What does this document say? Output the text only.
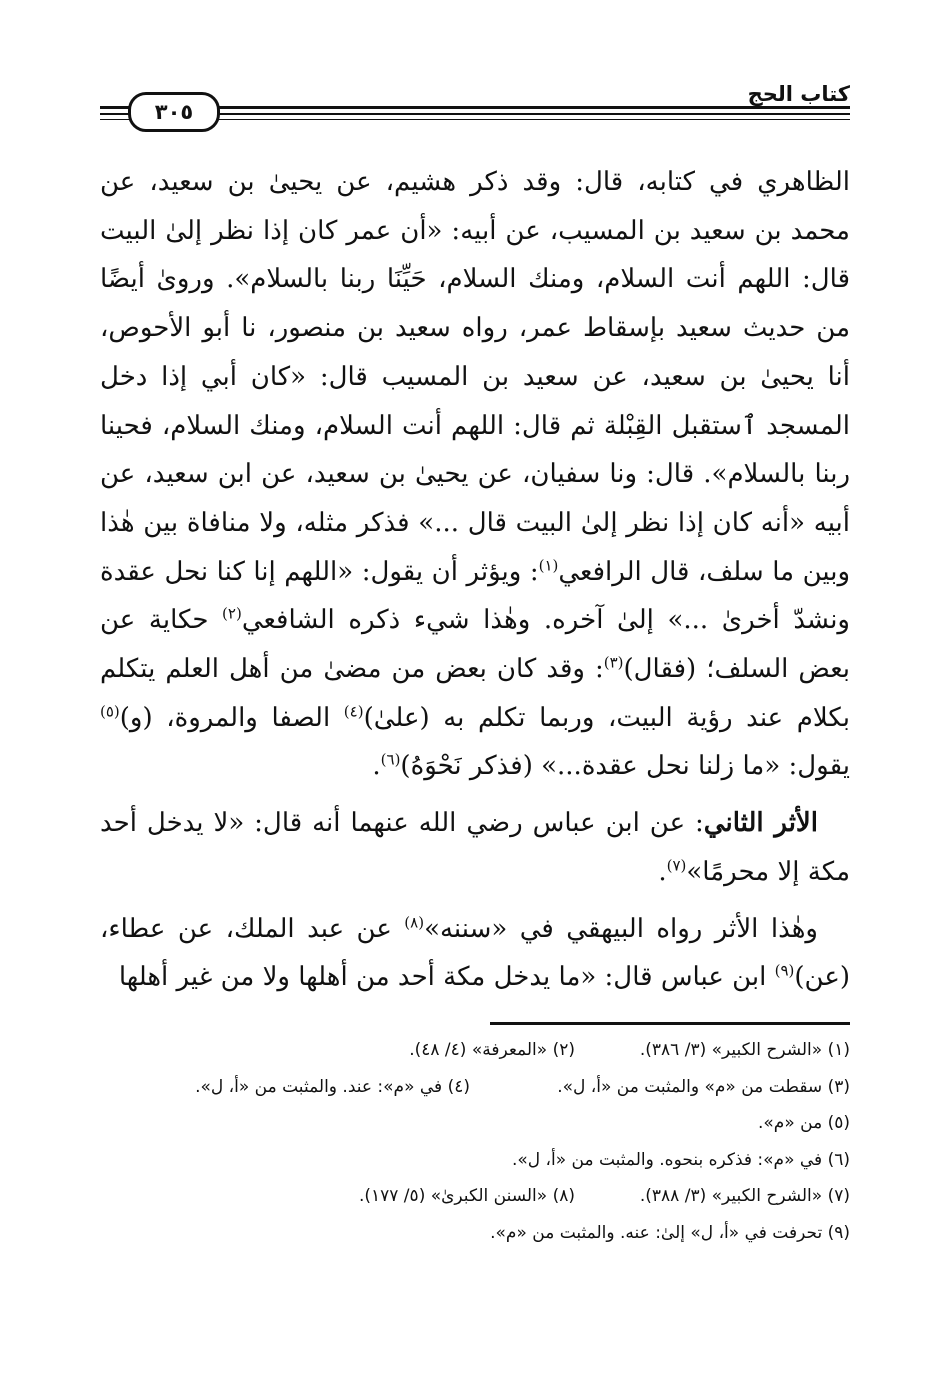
٣٠٥
كتاب الحج

الظاهري في كتابه، قال: وقد ذكر هشيم، عن يحيىٰ بن سعيد، عن محمد بن سعيد بن المسيب، عن أبيه: «أن عمر كان إذا نظر إلىٰ البيت قال: اللهم أنت السلام، ومنك السلام، حَيِّنَا ربنا بالسلام». وروىٰ أيضًا من حديث سعيد بإسقاط عمر، رواه سعيد بن منصور، نا أبو الأحوص، أنا يحيىٰ بن سعيد، عن سعيد بن المسيب قال: «كان أبي إذا دخل المسجد ٱستقبل القِبْلة ثم قال: اللهم أنت السلام، ومنك السلام، فحينا ربنا بالسلام». قال: ونا سفيان، عن يحيىٰ بن سعيد، عن ابن سعيد، عن أبيه «أنه كان إذا نظر إلىٰ البيت قال ...» فذكر مثله، ولا منافاة بين هٰذا وبين ما سلف، قال الرافعي$^{(١)}$: ويؤثر أن يقول: «اللهم إنا كنا نحل عقدة ونشدّ أخرىٰ ...» إلىٰ آخره. وهٰذا شيء ذكره الشافعي$^{(٢)}$ حكاية عن بعض السلف؛ (فقال)$^{(٣)}$: وقد كان بعض من مضىٰ من أهل العلم يتكلم بكلام عند رؤية البيت، وربما تكلم به (علىٰ)$^{(٤)}$ الصفا والمروة، (و)$^{(٥)}$ يقول: «ما زلنا نحل عقدة...» (فذكر نَحْوَهُ)$^{(٦)}$.

الأثر الثاني: عن ابن عباس رضي الله عنهما أنه قال: «لا يدخل أحد مكة إلا محرمًا»$^{(٧)}$.

وهٰذا الأثر رواه البيهقي في «سننه»$^{(٨)}$ عن عبد الملك، عن عطاء، (عن)$^{(٩)}$ ابن عباس قال: «ما يدخل مكة أحد من أهلها ولا من غير أهلها

(١) «الشرح الكبير» (٣/ ٣٨٦).
(٢) «المعرفة» (٤/ ٤٨).
(٣) سقطت من «م» والمثبت من «أ، ل».
(٤) في «م»: عند. والمثبت من «أ، ل».
(٥) من «م».
(٦) في «م»: فذكره بنحوه. والمثبت من «أ، ل».
(٧) «الشرح الكبير» (٣/ ٣٨٨).
(٨) «السنن الكبرىٰ» (٥/ ١٧٧).
(٩) تحرفت في «أ، ل» إلىٰ: عنه. والمثبت من «م».
